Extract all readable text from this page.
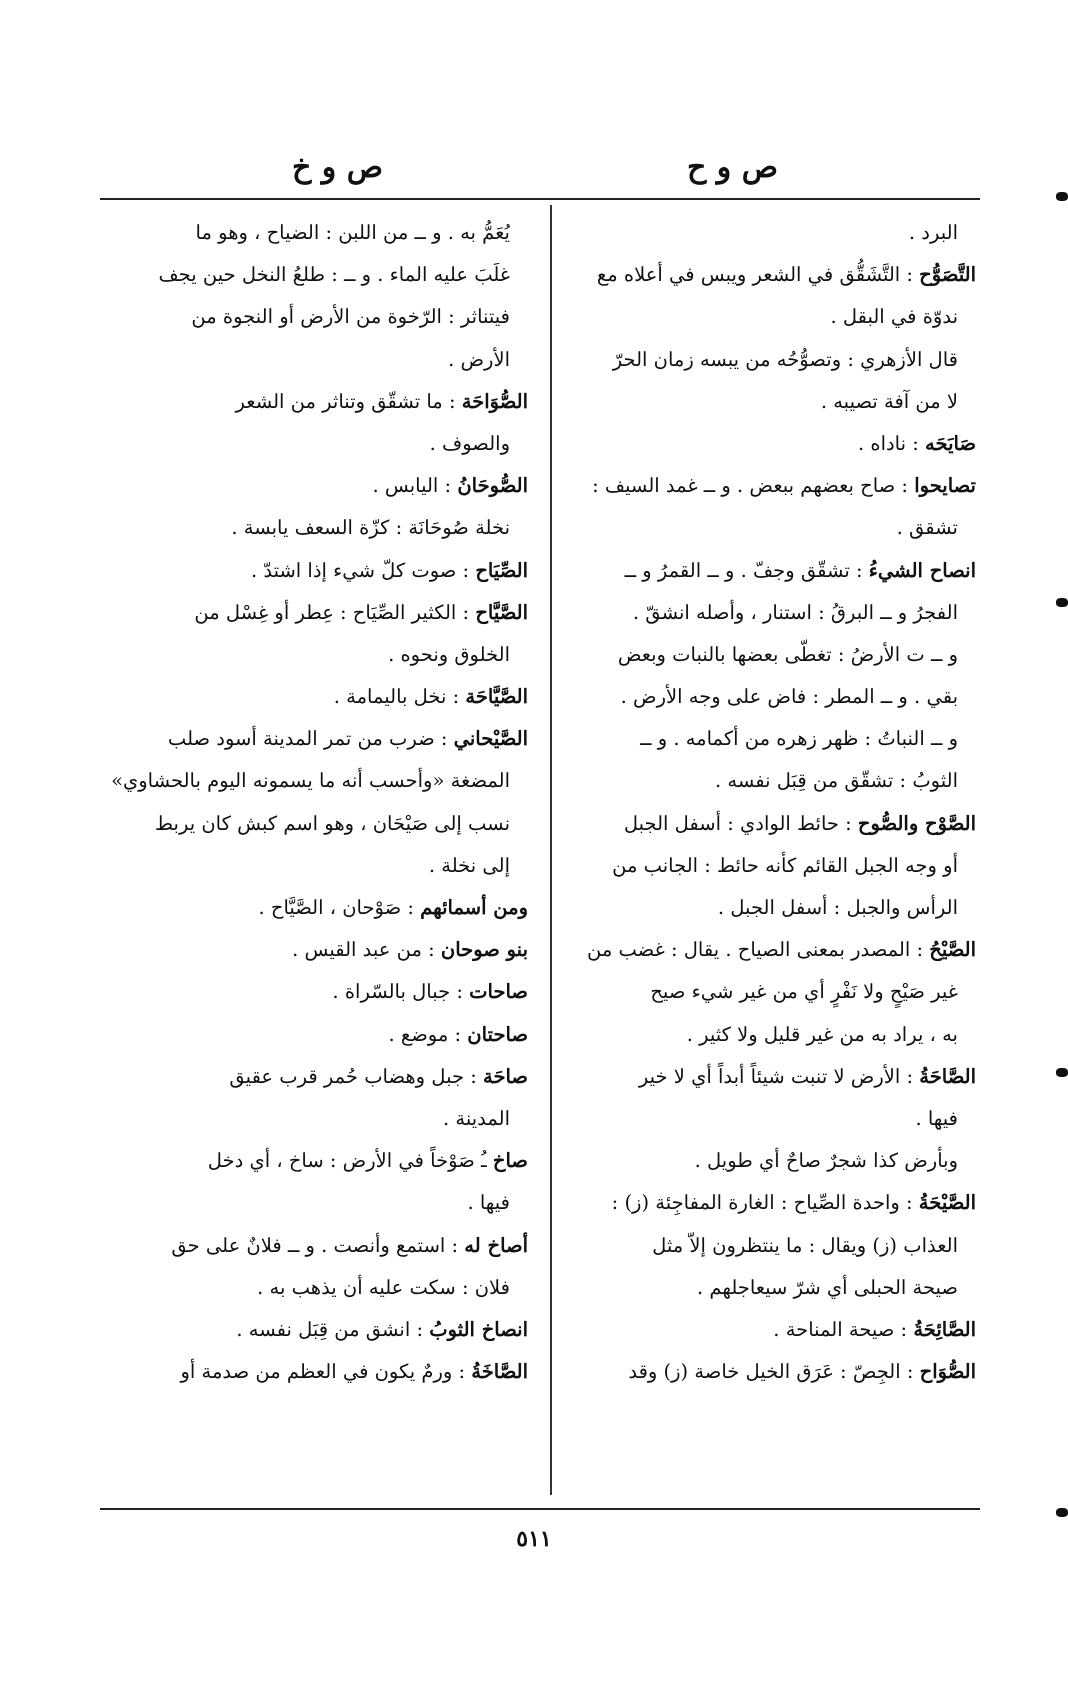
ص و ح
ص و خ
البرد .
التَّصَوُّح : التَّشَقُّق في الشعر ويبس في أعلاه مع
ندوّة في البقل .
قال الأزهري : وتصوُّحُه من يبسه زمان الحرّ
لا من آفة تصيبه .
صَايَحَه : ناداه .
تصايحوا : صاح بعضهم ببعض . و ــ غمد السيف :
تشقق .
انصاح الشيءُ : تشقّق وجفّ . و ــ القمرُ و ــ
الفجرُ و ــ البرقُ : استنار ، وأصله انشقّ .
و ــ ت الأرضُ : تغطّى بعضها بالنبات وبعض
بقي . و ــ المطر : فاض على وجه الأرض .
و ــ النباتُ : ظهر زهره من أكمامه . و ــ
الثوبُ : تشقّق من قِبَل نفسه .
الصَّوْح والصُّوح : حائط الوادي : أسفل الجبل
أو وجه الجبل القائم كأنه حائط : الجانب من
الرأس والجبل : أسفل الجبل .
الصَّيْحُ : المصدر بمعنى الصياح . يقال : غضب من
غير صَيْحٍ ولا نَفْرٍ أي من غير شيء صيح
به ، يراد به من غير قليل ولا كثير .
الصَّاحَةُ : الأرض لا تنبت شيئاً أبداً أي لا خير
فيها .
وبأرض كذا شجرٌ صاحٌ أي طويل .
الصَّيْحَةُ : واحدة الصِّياح : الغارة المفاجِئة (ز) :
العذاب (ز) ويقال : ما ينتظرون إلاّ مثل
صيحة الحبلى أي شرّ سيعاجلهم .
الصَّائِحَةُ : صيحة المناحة .
الصُّوَاح : الجِصّ : عَرَق الخيل خاصة (ز) وقد
يُعَمُّ به . و ــ من اللبن : الضياح ، وهو ما
غلَبَ عليه الماء . و ــ : طلعُ النخل حين يجف
فيتناثر : الرّخوة من الأرض أو النجوة من
الأرض .
الصُّوَاحَة : ما تشقّق وتناثر من الشعر
والصوف .
الصُّوحَانُ : اليابس .
نخلة صُوحَانَة : كزّة السعف يابسة .
الصِّيَاح : صوت كلّ شيء إذا اشتدّ .
الصَّيَّاح : الكثير الصِّيَاح : عِطر أو غِسْل من
الخلوق ونحوه .
الصَّيَّاحَة : نخل باليمامة .
الصَّيْحاني : ضرب من تمر المدينة أسود صلب
المضغة «وأحسب أنه ما يسمونه اليوم بالحشاوي»
نسب إلى صَيْحَان ، وهو اسم كبش كان يربط
إلى نخلة .
ومن أسمائهم : صَوْحان ، الصَّيَّاح .
بنو صوحان : من عبد القيس .
صاحات : جبال بالسّراة .
صاحتان : موضع .
صاحَة : جبل وهضاب حُمر قرب عقيق
المدينة .
صاخ ـُ صَوْخاً في الأرض : ساخ ، أي دخل
فيها .
أصاخ له : استمع وأنصت . و ــ فلانٌ على حق
فلان : سكت عليه أن يذهب به .
انصاخ الثوبُ : انشق من قِبَل نفسه .
الصَّاخَةُ : ورمٌ يكون في العظم من صدمة أو
٥١١
